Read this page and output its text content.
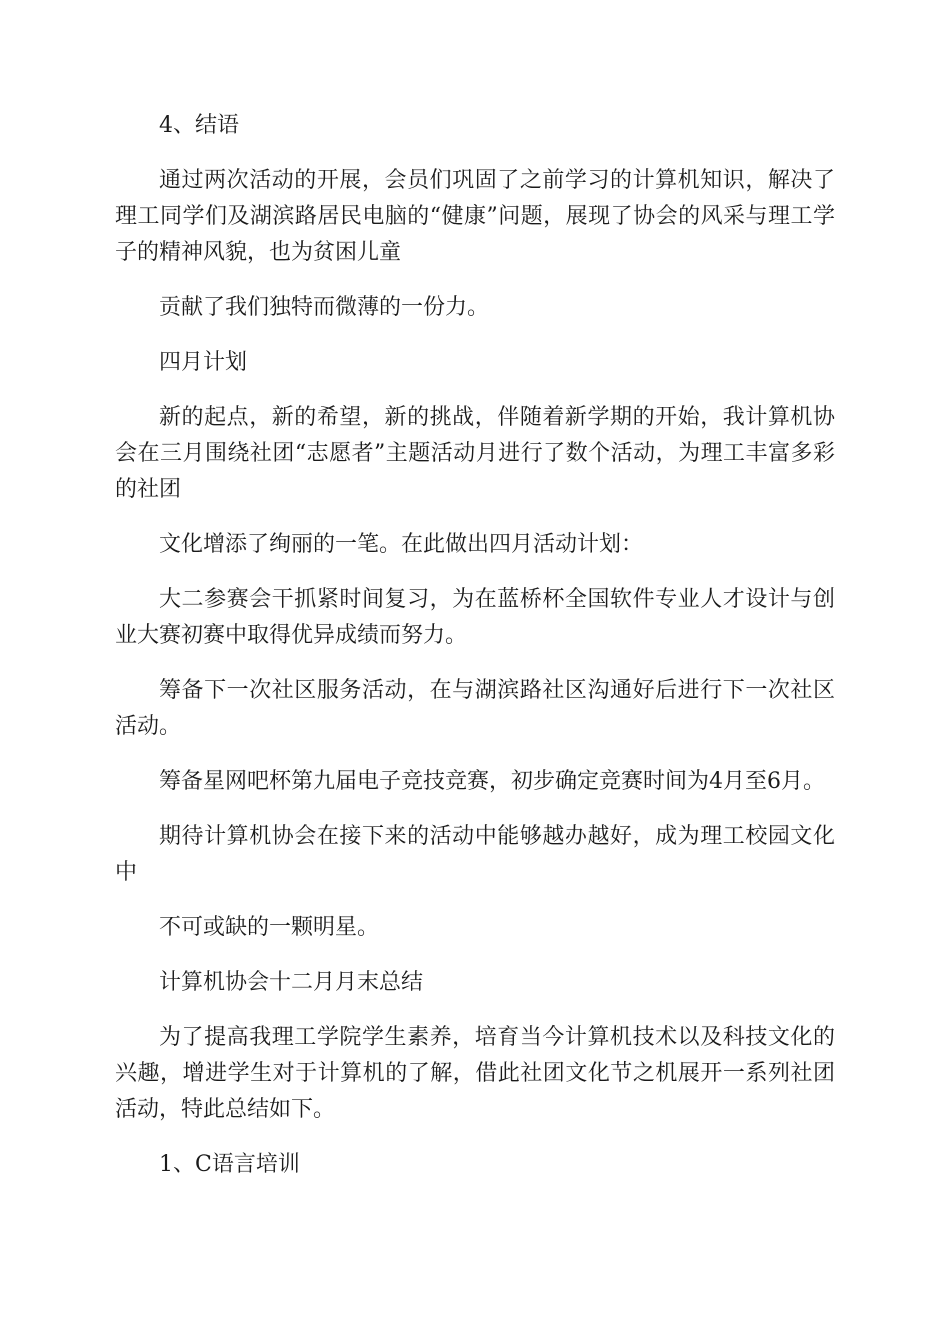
4、结语

通过两次活动的开展，会员们巩固了之前学习的计算机知识，解决了理工同学们及湖滨路居民电脑的“健康”问题，展现了协会的风采与理工学子的精神风貌，也为贫困儿童

贡献了我们独特而微薄的一份力。

四月计划

新的起点，新的希望，新的挑战，伴随着新学期的开始，我计算机协会在三月围绕社团“志愿者”主题活动月进行了数个活动，为理工丰富多彩的社团

文化增添了绚丽的一笔。在此做出四月活动计划：

大二参赛会干抓紧时间复习，为在蓝桥杯全国软件专业人才设计与创业大赛初赛中取得优异成绩而努力。

筹备下一次社区服务活动，在与湖滨路社区沟通好后进行下一次社区活动。

筹备星网吧杯第九届电子竞技竞赛，初步确定竞赛时间为4月至6月。

期待计算机协会在接下来的活动中能够越办越好，成为理工校园文化中

不可或缺的一颗明星。

计算机协会十二月月末总结

为了提高我理工学院学生素养，培育当今计算机技术以及科技文化的兴趣，增进学生对于计算机的了解，借此社团文化节之机展开一系列社团活动，特此总结如下。

1、C语言培训
